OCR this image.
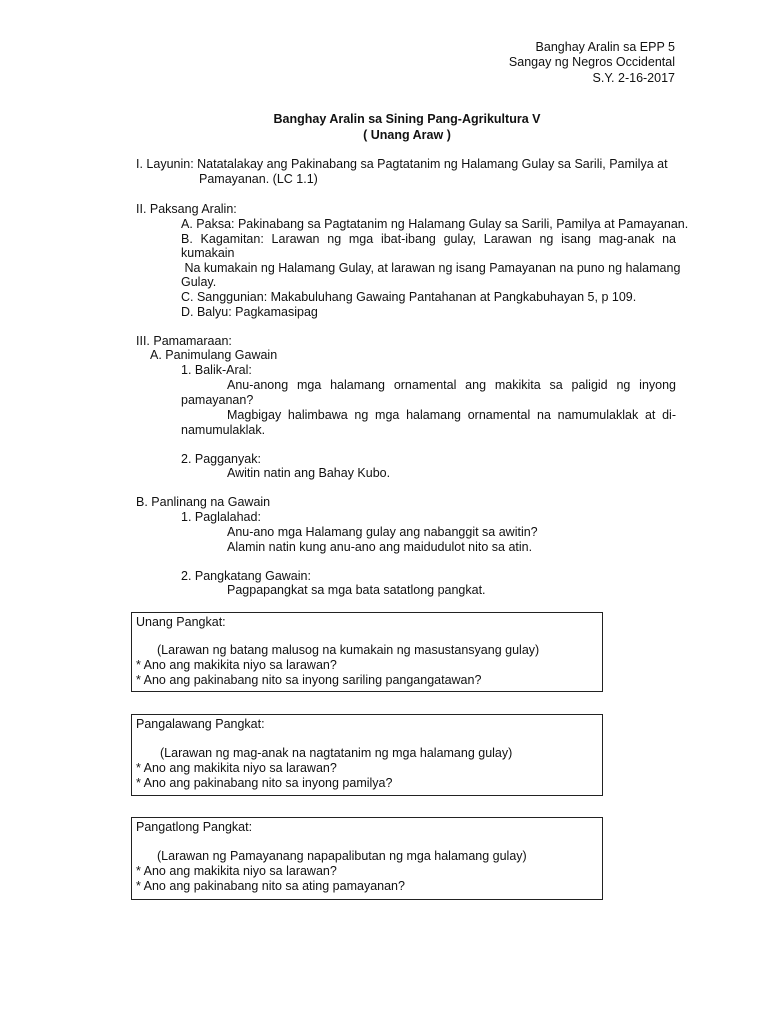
Banghay Aralin sa EPP 5
Sangay ng Negros Occidental
S.Y. 2-16-2017
Banghay Aralin sa Sining Pang-Agrikultura V
( Unang Araw )
I. Layunin: Natatalakay ang Pakinabang sa Pagtatanim ng Halamang Gulay sa Sarili, Pamilya at
Pamayanan. (LC 1.1)
II. Paksang Aralin:
A. Paksa: Pakinabang sa Pagtatanim ng Halamang Gulay sa Sarili, Pamilya at Pamayanan.
B. Kagamitan: Larawan ng mga ibat-ibang gulay, Larawan ng isang mag-anak na
kumakain
Na kumakain ng Halamang Gulay, at larawan ng isang Pamayanan na puno ng halamang
Gulay.
C. Sanggunian: Makabuluhang Gawaing Pantahanan at Pangkabuhayan 5, p 109.
D. Balyu: Pagkamasipag
III. Pamamaraan:
A. Panimulang Gawain
1. Balik-Aral:
Anu-anong mga halamang ornamental ang makikita sa paligid ng inyong
pamayanan?
Magbigay halimbawa ng mga halamang ornamental na namumulaklak at di-
namumulaklak.
2. Pagganyak:
Awitin natin ang Bahay Kubo.
B. Panlinang na Gawain
1. Paglalahad:
Anu-ano mga Halamang gulay ang nabanggit sa awitin?
Alamin natin kung anu-ano ang maidudulot nito sa atin.
2. Pangkatang Gawain:
Pagpapangkat sa mga bata satatlong pangkat.
Unang Pangkat:
(Larawan ng batang malusog na kumakain ng masustansyang gulay)
* Ano ang makikita niyo sa larawan?
* Ano ang pakinabang nito sa inyong sariling pangangatawan?
Pangalawang Pangkat:
(Larawan ng mag-anak na nagtatanim ng mga halamang gulay)
* Ano ang makikita niyo sa larawan?
* Ano ang pakinabang nito sa inyong pamilya?
Pangatlong Pangkat:
(Larawan ng Pamayanang napapalibutan ng mga halamang gulay)
* Ano ang makikita niyo sa larawan?
* Ano ang pakinabang nito sa ating pamayanan?
